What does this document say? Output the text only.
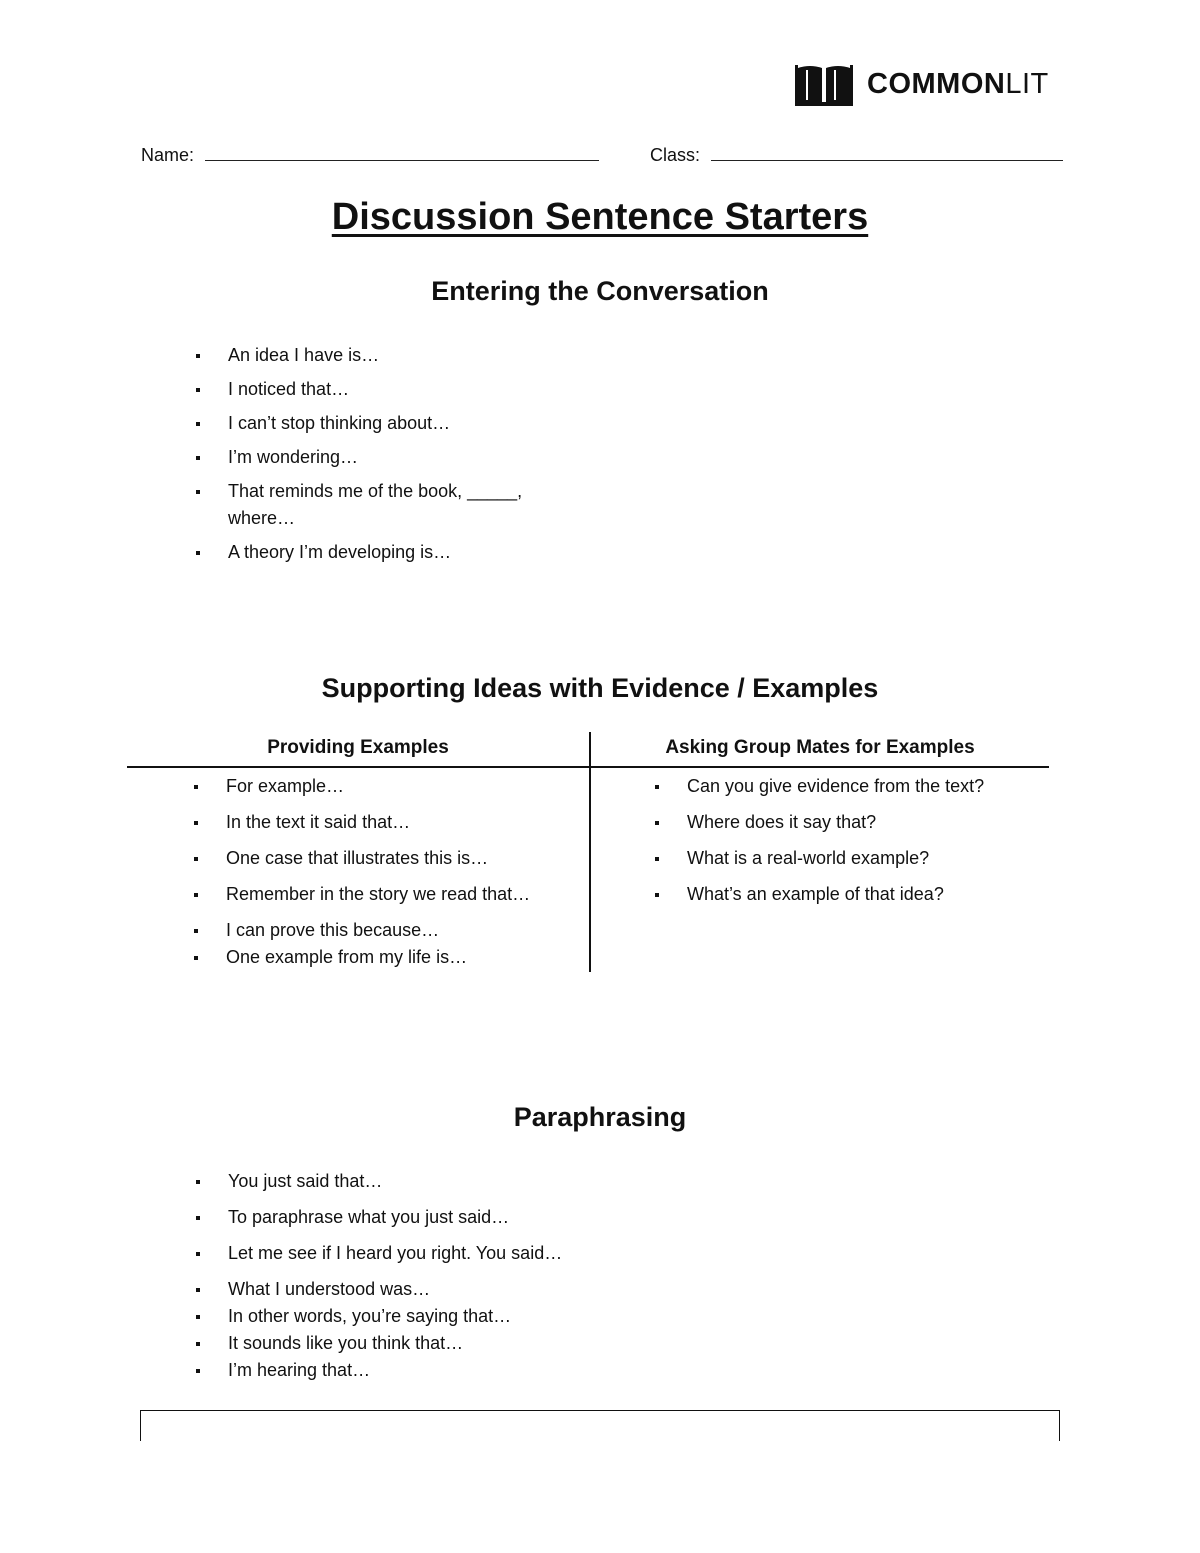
COMMONLIT
Name:	Class:
Discussion Sentence Starters
Entering the Conversation
An idea I have is…
I noticed that…
I can’t stop thinking about…
I’m wondering…
That reminds me of the book, _____, where…
A theory I’m developing is…
Supporting Ideas with Evidence / Examples
Providing Examples	Asking Group Mates for Examples
For example…
In the text it said that…
One case that illustrates this is…
Remember in the story we read that…
I can prove this because…
One example from my life is…
Can you give evidence from the text?
Where does it say that?
What is a real-world example?
What’s an example of that idea?
Paraphrasing
You just said that…
To paraphrase what you just said…
Let me see if I heard you right. You said…
What I understood was…
In other words, you’re saying that…
It sounds like you think that…
I’m hearing that…
